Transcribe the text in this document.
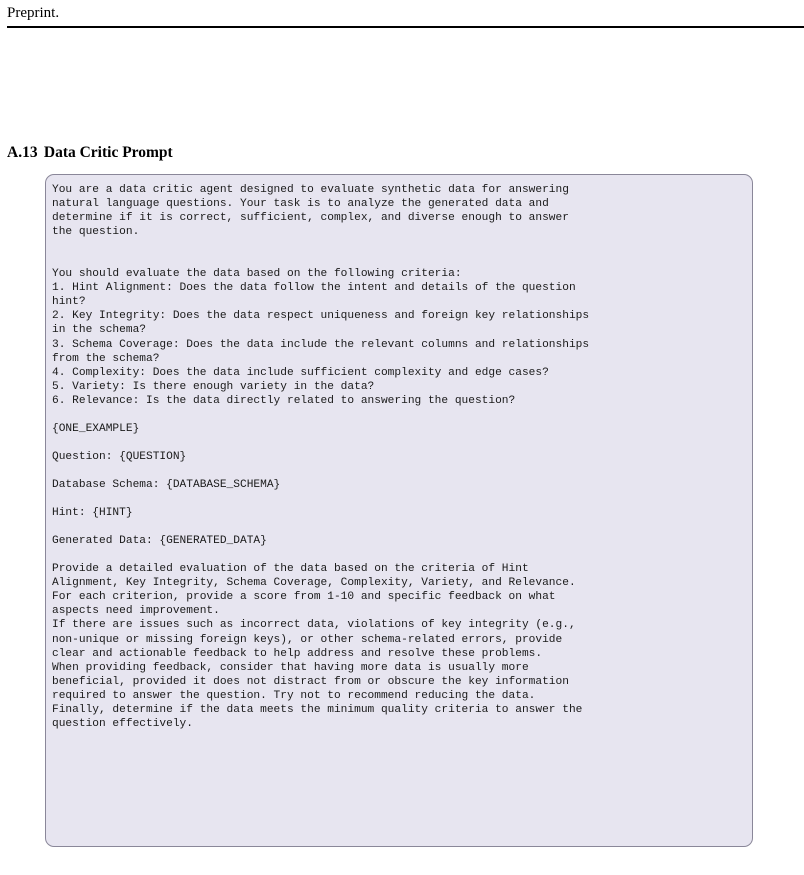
Preprint.
A.13 Data Critic Prompt
You are a data critic agent designed to evaluate synthetic data for answering
natural language questions. Your task is to analyze the generated data and
determine if it is correct, sufficient, complex, and diverse enough to answer
the question.

You should evaluate the data based on the following criteria:
1. Hint Alignment: Does the data follow the intent and details of the question
hint?
2. Key Integrity: Does the data respect uniqueness and foreign key relationships
in the schema?
3. Schema Coverage: Does the data include the relevant columns and relationships
from the schema?
4. Complexity: Does the data include sufficient complexity and edge cases?
5. Variety: Is there enough variety in the data?
6. Relevance: Is the data directly related to answering the question?

{ONE_EXAMPLE}

Question: {QUESTION}

Database Schema: {DATABASE_SCHEMA}

Hint: {HINT}

Generated Data: {GENERATED_DATA}

Provide a detailed evaluation of the data based on the criteria of Hint
Alignment, Key Integrity, Schema Coverage, Complexity, Variety, and Relevance.
For each criterion, provide a score from 1-10 and specific feedback on what
aspects need improvement.
If there are issues such as incorrect data, violations of key integrity (e.g.,
non-unique or missing foreign keys), or other schema-related errors, provide
clear and actionable feedback to help address and resolve these problems.
When providing feedback, consider that having more data is usually more
beneficial, provided it does not distract from or obscure the key information
required to answer the question. Try not to recommend reducing the data.
Finally, determine if the data meets the minimum quality criteria to answer the
question effectively.
